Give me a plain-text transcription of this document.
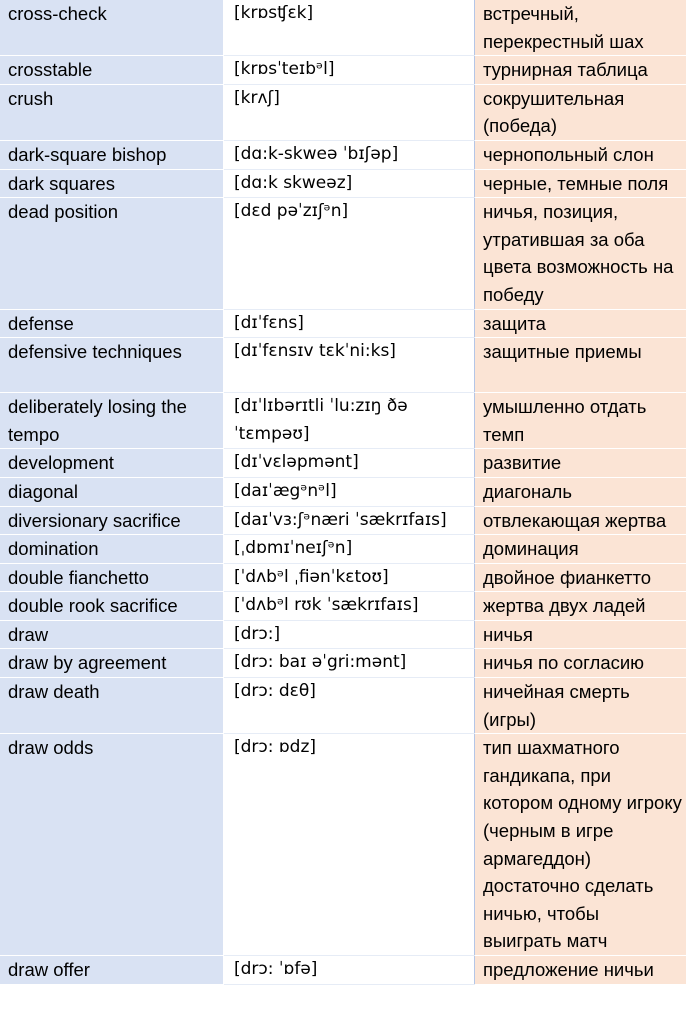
cross-check	[krɒsʧɛk]	встречный, перекрестный шах
crosstable	[krɒsˈteɪbᵊl]	турнирная таблица
crush	[krʌʃ]	сокрушительная (победа)
dark-square bishop	[dɑ:k-skweə ˈbɪʃəp]	чернопольный слон
dark squares	[dɑ:k skweəz]	черные, темные поля
dead position	[dɛd pəˈzɪʃᵊn]	ничья, позиция, утратившая за оба цвета возможность на победу
defense	[dɪˈfɛns]	защита
defensive techniques	[dɪˈfɛnsɪv tɛkˈni:ks]	защитные приемы
deliberately losing the tempo	[dɪˈlɪbərɪtli ˈlu:zɪŋ ðə ˈtɛmpəʊ]	умышленно отдать темп
development	[dɪˈvɛləpmənt]	развитие
diagonal	[daɪˈægᵊnᵊl]	диагональ
diversionary sacrifice	[daɪˈvɜ:ʃᵊnæri ˈsækrɪfaɪs]	отвлекающая жертва
domination	[ˌdɒmɪˈneɪʃᵊn]	доминация
double fianchetto	[ˈdʌbᵊl ˌfiənˈkɛtoʊ]	двойное фианкетто
double rook sacrifice	[ˈdʌbᵊl rʊk ˈsækrɪfaɪs]	жертва двух ладей
draw	[drɔ:]	ничья
draw by agreement	[drɔ: baɪ əˈgri:mənt]	ничья по согласию
draw death	[drɔ: dɛθ]	ничейная смерть (игры)
draw odds	[drɔ: ɒdz]	тип шахматного гандикапа, при котором одному игроку (черным в игре армагеддон) достаточно сделать ничью, чтобы выиграть матч
draw offer	[drɔ: ˈɒfə]	предложение ничьи
